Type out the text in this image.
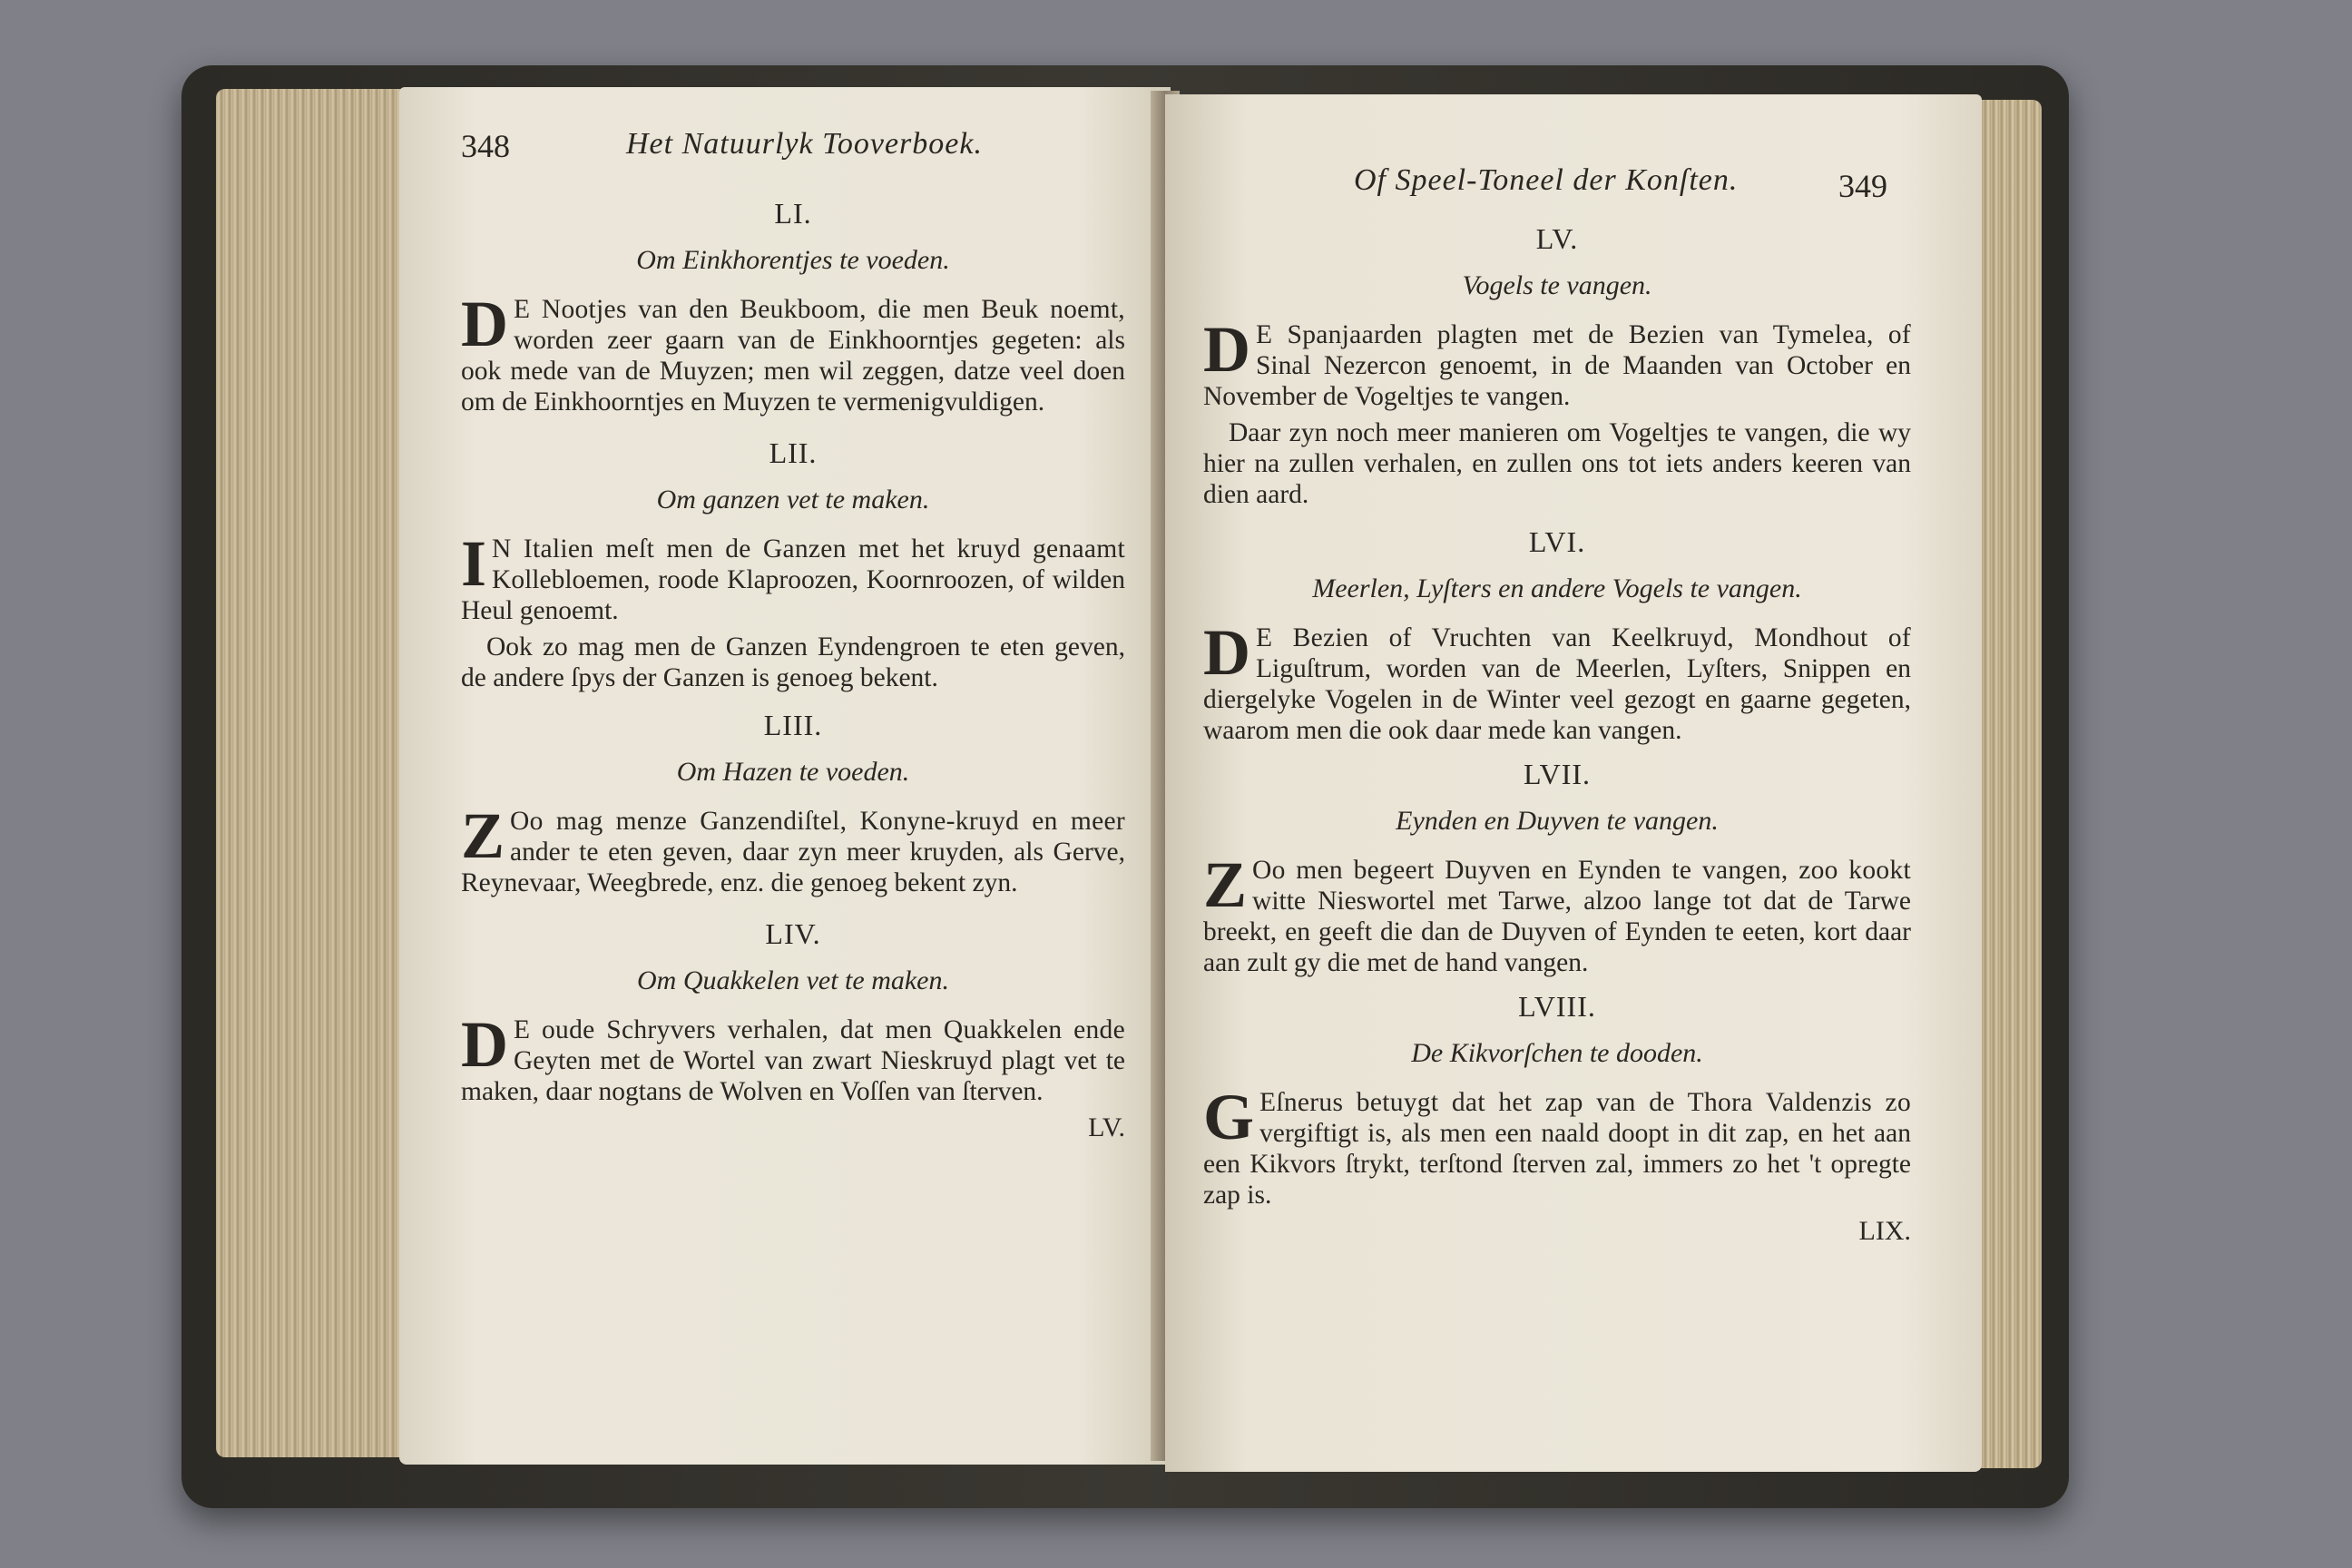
348	Het Natuurlyk Tooverboek.
LI.
Om Einkhorentjes te voeden.
D E Nootjes van den Beukboom, die men Beuk noemt, worden zeer gaarn van de Einkhoorntjes gegeten: als ook mede van de Muyzen; men wil zeggen, datze veel doen om de Einkhoorntjes en Muyzen te vermenigvuldigen.
LII.
Om ganzen vet te maken.
I N Italien meſt men de Ganzen met het kruyd genaamt Kollebloemen, roode Klaproozen, Koornroozen, of wilden Heul genoemt.
Ook zo mag men de Ganzen Eyndengroen te eten geven, de andere ſpys der Ganzen is genoeg bekent.
LIII.
Om Hazen te voeden.
Z Oo mag menze Ganzendiſtel, Konyne-kruyd en meer ander te eten geven, daar zyn meer kruyden, als Gerve, Reynevaar, Weegbrede, enz. die genoeg bekent zyn.
LIV.
Om Quakkelen vet te maken.
D E oude Schryvers verhalen, dat men Quakkelen ende Geyten met de Wortel van zwart Nieskruyd plagt vet te maken, daar nogtans de Wolven en Voſſen van ſterven.
LV.
Of Speel-Toneel der Konſten.	349
LV.
Vogels te vangen.
D E Spanjaarden plagten met de Bezien van Tymelea, of Sinal Nezercon genoemt, in de Maanden van October en November de Vogeltjes te vangen.
Daar zyn noch meer manieren om Vogeltjes te vangen, die wy hier na zullen verhalen, en zullen ons tot iets anders keeren van dien aard.
LVI.
Meerlen, Lyſters en andere Vogels te vangen.
D E Bezien of Vruchten van Keelkruyd, Mondhout of Liguſtrum, worden van de Meerlen, Lyſters, Snippen en diergelyke Vogelen in de Winter veel gezogt en gaarne gegeten, waarom men die ook daar mede kan vangen.
LVII.
Eynden en Duyven te vangen.
Z Oo men begeert Duyven en Eynden te vangen, zoo kookt witte Nieswortel met Tarwe, alzoo lange tot dat de Tarwe breekt, en geeft die dan de Duyven of Eynden te eeten, kort daar aan zult gy die met de hand vangen.
LVIII.
De Kikvorſchen te dooden.
G Eſnerus betuygt dat het zap van de Thora Valdenzis zo vergiftigt is, als men een naald doopt in dit zap, en het aan een Kikvors ſtrykt, terſtond ſterven zal, immers zo het 't opregte zap is.
LIX.
